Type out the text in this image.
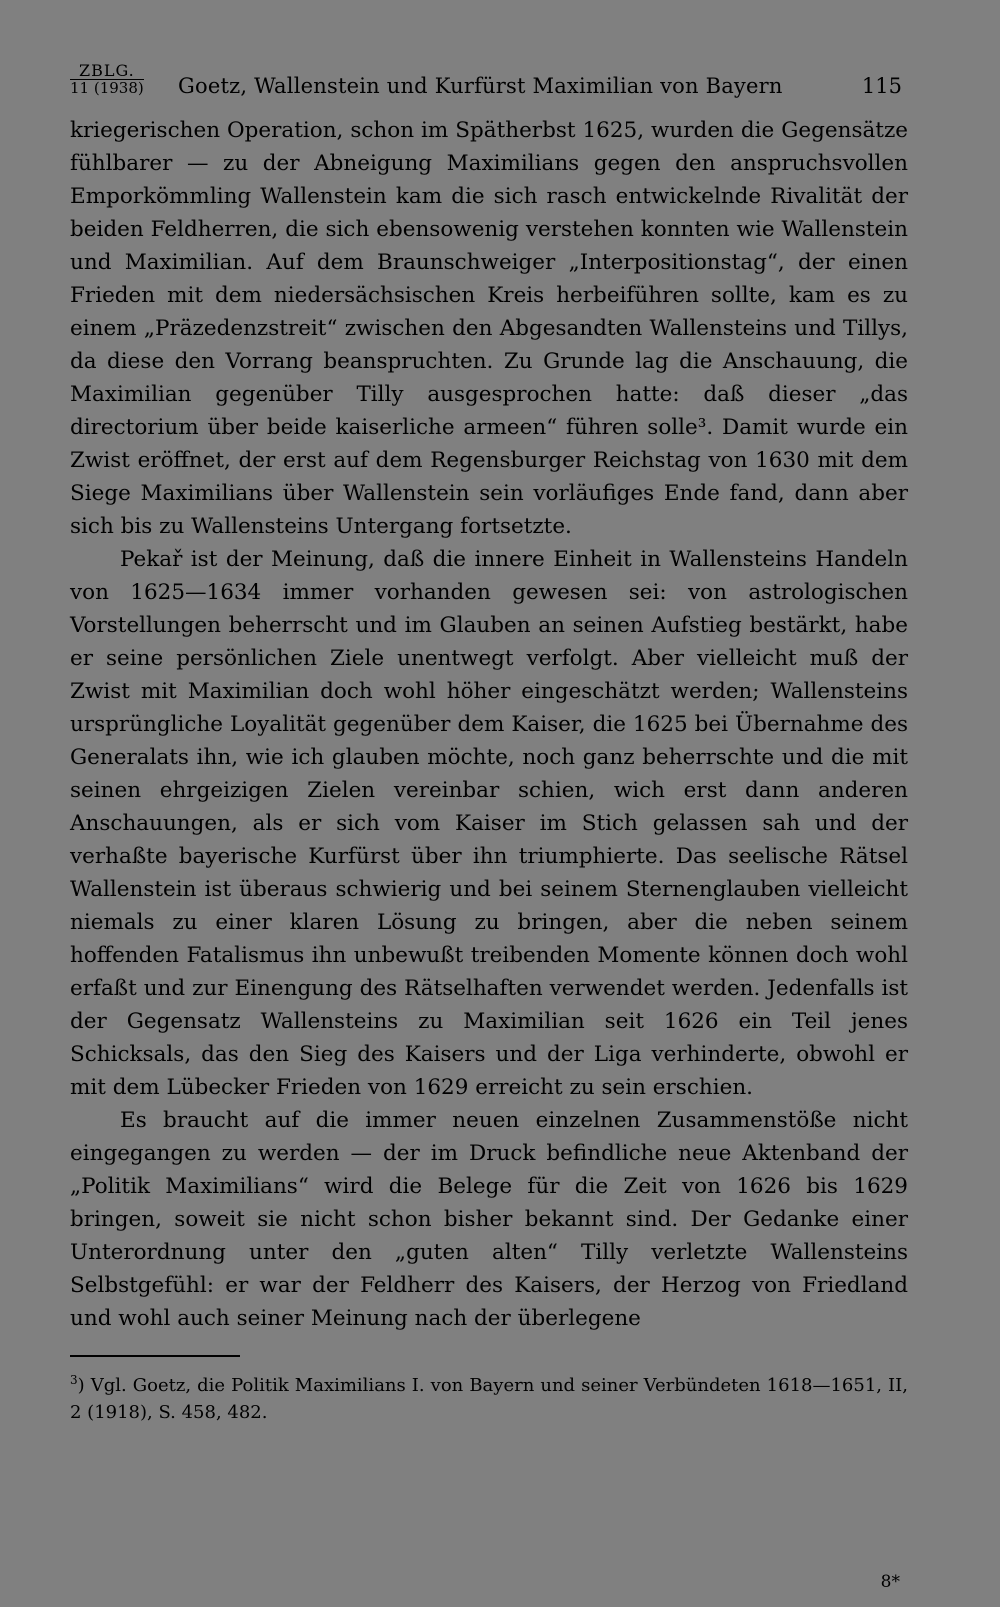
ZBLG.
11 (1938) Goetz, Wallenstein und Kurfürst Maximilian von Bayern	115

kriegerischen Operation, schon im Spätherbst 1625, wurden die Gegensätze fühlbarer — zu der Abneigung Maximilians gegen den anspruchsvollen Emporkömmling Wallenstein kam die sich rasch entwickelnde Rivalität der beiden Feldherren, die sich ebensowenig verstehen konnten wie Wallenstein und Maximilian. Auf dem Braunschweiger „Interpositionstag“, der einen Frieden mit dem niedersächsischen Kreis herbeiführen sollte, kam es zu einem „Präzedenzstreit“ zwischen den Abgesandten Wallensteins und Tillys, da diese den Vorrang beanspruchten. Zu Grunde lag die Anschauung, die Maximilian gegenüber Tilly ausgesprochen hatte: daß dieser „das directorium über beide kaiserliche armeen“ führen solle³. Damit wurde ein Zwist eröffnet, der erst auf dem Regensburger Reichstag von 1630 mit dem Siege Maximilians über Wallenstein sein vorläufiges Ende fand, dann aber sich bis zu Wallensteins Untergang fortsetzte.

Pekař ist der Meinung, daß die innere Einheit in Wallensteins Handeln von 1625—1634 immer vorhanden gewesen sei: von astrologischen Vorstellungen beherrscht und im Glauben an seinen Aufstieg bestärkt, habe er seine persönlichen Ziele unentwegt verfolgt. Aber vielleicht muß der Zwist mit Maximilian doch wohl höher eingeschätzt werden; Wallensteins ursprüngliche Loyalität gegenüber dem Kaiser, die 1625 bei Übernahme des Generalats ihn, wie ich glauben möchte, noch ganz beherrschte und die mit seinen ehrgeizigen Zielen vereinbar schien, wich erst dann anderen Anschauungen, als er sich vom Kaiser im Stich gelassen sah und der verhaßte bayerische Kurfürst über ihn triumphierte. Das seelische Rätsel Wallenstein ist überaus schwierig und bei seinem Sternenglauben vielleicht niemals zu einer klaren Lösung zu bringen, aber die neben seinem hoffenden Fatalismus ihn unbewußt treibenden Momente können doch wohl erfaßt und zur Einengung des Rätselhaften verwendet werden. Jedenfalls ist der Gegensatz Wallensteins zu Maximilian seit 1626 ein Teil jenes Schicksals, das den Sieg des Kaisers und der Liga verhinderte, obwohl er mit dem Lübecker Frieden von 1629 erreicht zu sein erschien.

Es braucht auf die immer neuen einzelnen Zusammenstöße nicht eingegangen zu werden — der im Druck befindliche neue Aktenband der „Politik Maximilians“ wird die Belege für die Zeit von 1626 bis 1629 bringen, soweit sie nicht schon bisher bekannt sind. Der Gedanke einer Unterordnung unter den „guten alten“ Tilly verletzte Wallensteins Selbstgefühl: er war der Feldherr des Kaisers, der Herzog von Friedland und wohl auch seiner Meinung nach der überlegene

$^3$) Vgl. Goetz, die Politik Maximilians I. von Bayern und seiner Verbündeten 1618—1651, II, 2 (1918), S. 458, 482.
8*
